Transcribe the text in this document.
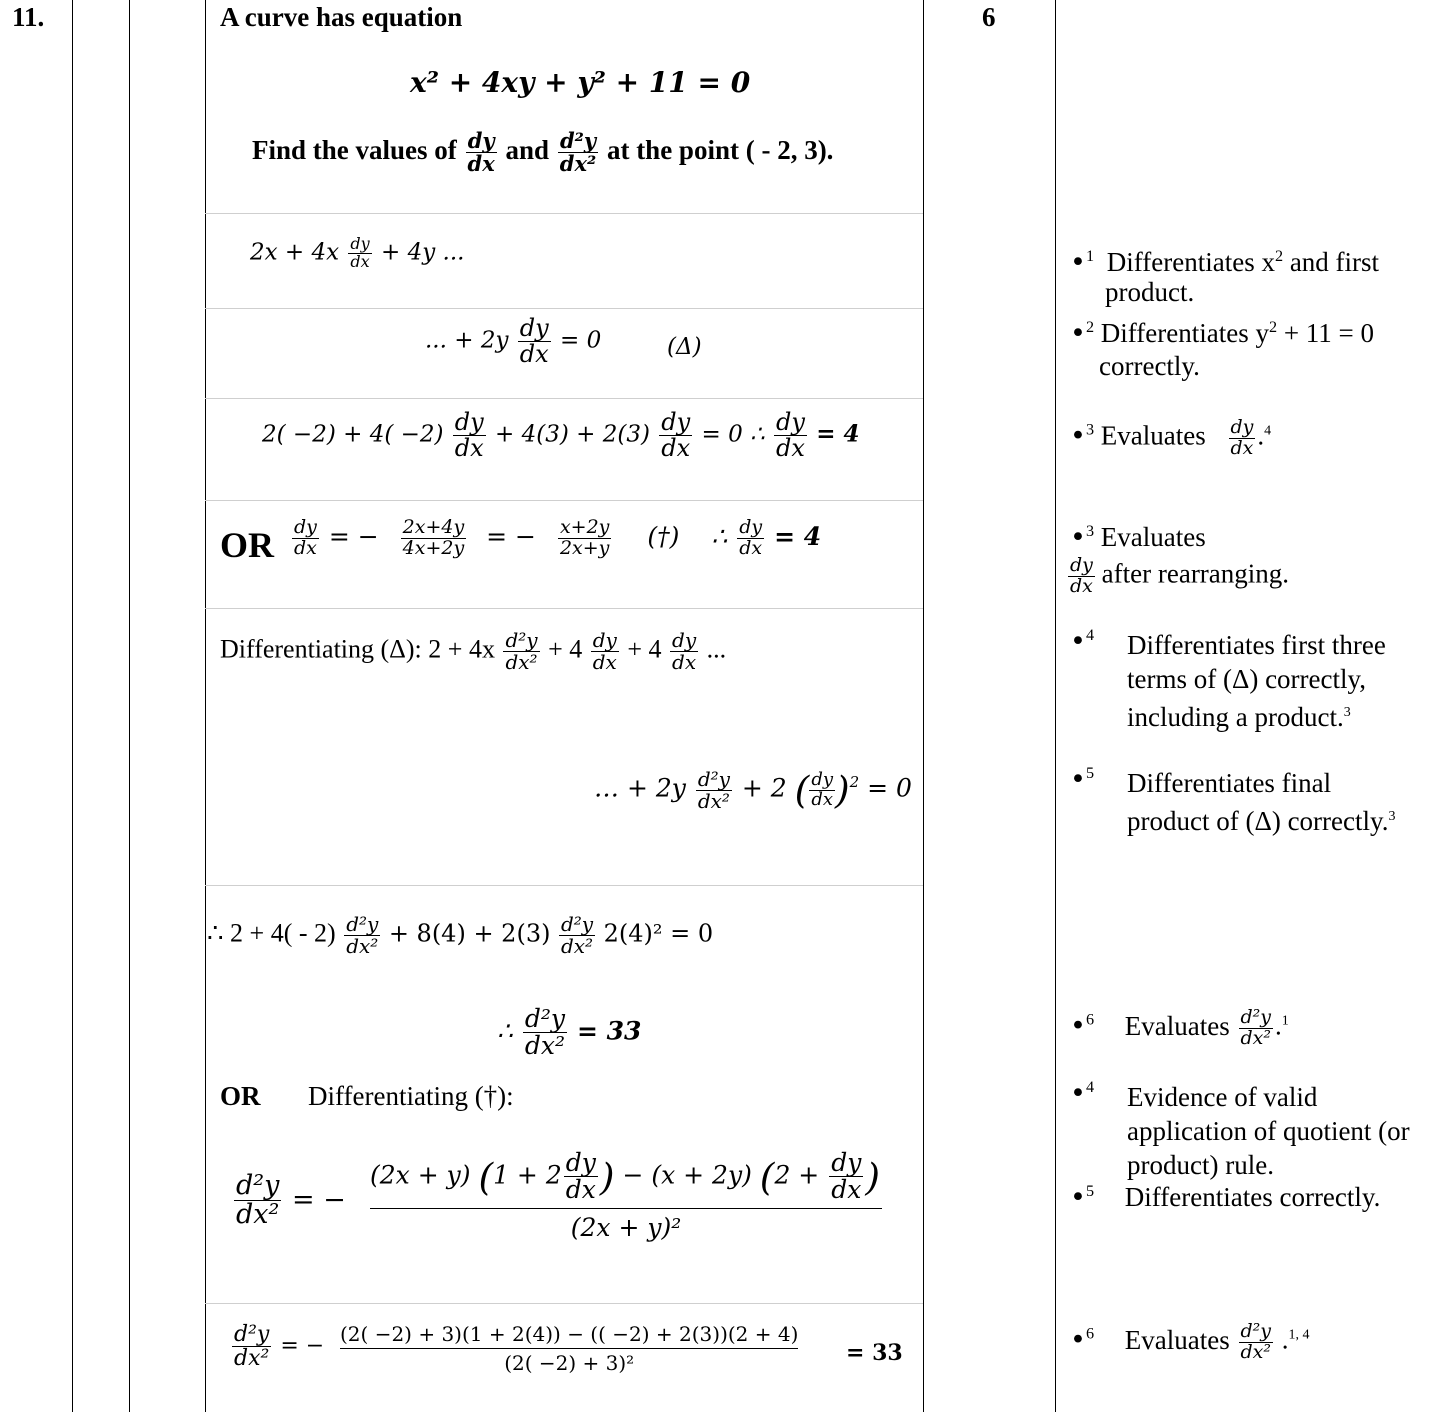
11.	6
A curve has equation
x² + 4xy + y² + 11 = 0
Find the values of $\frac{dy}{dx}$ and $\frac{\text{d²y}}{\text{dx²}}$ at the point ( - 2, 3).
$2x + 4x \frac{dy}{dx} + 4y$ ...
... + $2y \frac{dy}{dx} = 0$	(Δ)
$2( -2) + 4( -2) \frac{dy}{dx} + 4(3) + 2(3) \frac{dy}{dx} = 0$ ∴ $\frac{dy}{dx} = 4$
OR $\frac{dy}{dx}$ = − $\frac{2x+4y}{4x+2y}$ = − $\frac{x+2y}{2x+y}$ (†) ∴ $\frac{dy}{dx} = 4$
Differentiating (Δ): $2 + 4x \frac{\text{d²y}}{\text{dx²}} + 4 \frac{dy}{dx} + 4 \frac{dy}{dx}$ ...
… + $2y \frac{\text{d²y}}{\text{dx²}} + 2$ ( $\frac{dy}{dx} )^2 = 0$
∴ $2 + 4( - 2) \frac{\text{d²y}}{\text{dx²}} + 8(4) + 2(3) \frac{\text{d²y}}{\text{dx²}} 2(4)^2 = 0$
∴ $\frac{\text{d²y}}{\text{dx²}} = 33$
OR Differentiating (†):
$\frac{\text{d²y}}{\text{dx²}}$ = −
(2x + y) ($1 + 2 \frac{dy}{dx}$ ) − (x + 2y) ($2 + \frac{dy}{dx}$ )
(2x + y)²
$\frac{\text{d²y}}{\text{dx²}}$ = − (2( −2) + 3)(1 + 2(4)) − (( −2) + 2(3))(2 + 4)
(2( −2) + 3)²	= 33
•$^1$ Differentiates $x^2$ and first
product.
•$^2$ Differentiates $y^2 + 11 = 0$
correctly.
•$^3$ Evaluates $\frac{dy}{dx} .^4$
•$^3$ Evaluates
$\frac{dy}{dx}$ after rearranging.
•$^4$ Differentiates first three
terms of (Δ) correctly,
including a product.$^3$
•$^5$ Differentiates final
product of (Δ) correctly.$^3$
•$^6$ Evaluates $\frac{\text{d²y}}{\text{dx²}} .^1$
•$^4$ Evidence of valid
application of quotient (or
product) rule.
•$^5$ Differentiates correctly.
•$^6$ Evaluates $\frac{\text{d²y}}{\text{dx²}} .^{1, 4}$
